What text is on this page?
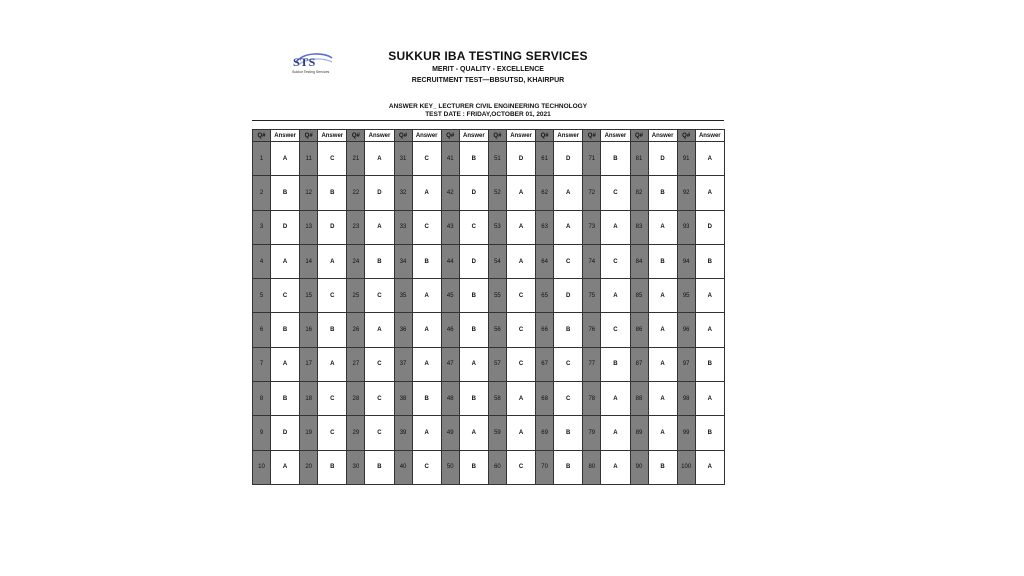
STS
Sukkur Testing Services
SUKKUR IBA TESTING SERVICES
MERIT - QUALITY - EXCELLENCE
RECRUITMENT TEST—BBSUTSD, KHAIRPUR
ANSWER KEY_ LECTURER CIVIL ENGINEERING TECHNOLOGY
TEST DATE : FRIDAY,OCTOBER 01, 2021
Q#	Answer	Q#	Answer	Q#	Answer	Q#	Answer	Q#	Answer	Q#	Answer	Q#	Answer	Q#	Answer	Q#	Answer	Q#	Answer
1	A	11	C	21	A	31	C	41	B	51	D	61	D	71	B	81	D	91	A
2	B	12	B	22	D	32	A	42	D	52	A	62	A	72	C	82	B	92	A
3	D	13	D	23	A	33	C	43	C	53	A	63	A	73	A	83	A	93	D
4	A	14	A	24	B	34	B	44	D	54	A	64	C	74	C	84	B	94	B
5	C	15	C	25	C	35	A	45	B	55	C	65	D	75	A	85	A	95	A
6	B	16	B	26	A	36	A	46	B	56	C	66	B	76	C	86	A	96	A
7	A	17	A	27	C	37	A	47	A	57	C	67	C	77	B	87	A	97	B
8	B	18	C	28	C	38	B	48	B	58	A	68	C	78	A	88	A	98	A
9	D	19	C	29	C	39	A	49	A	59	A	69	B	79	A	89	A	99	B
10	A	20	B	30	B	40	C	50	B	60	C	70	B	80	A	90	B	100	A
